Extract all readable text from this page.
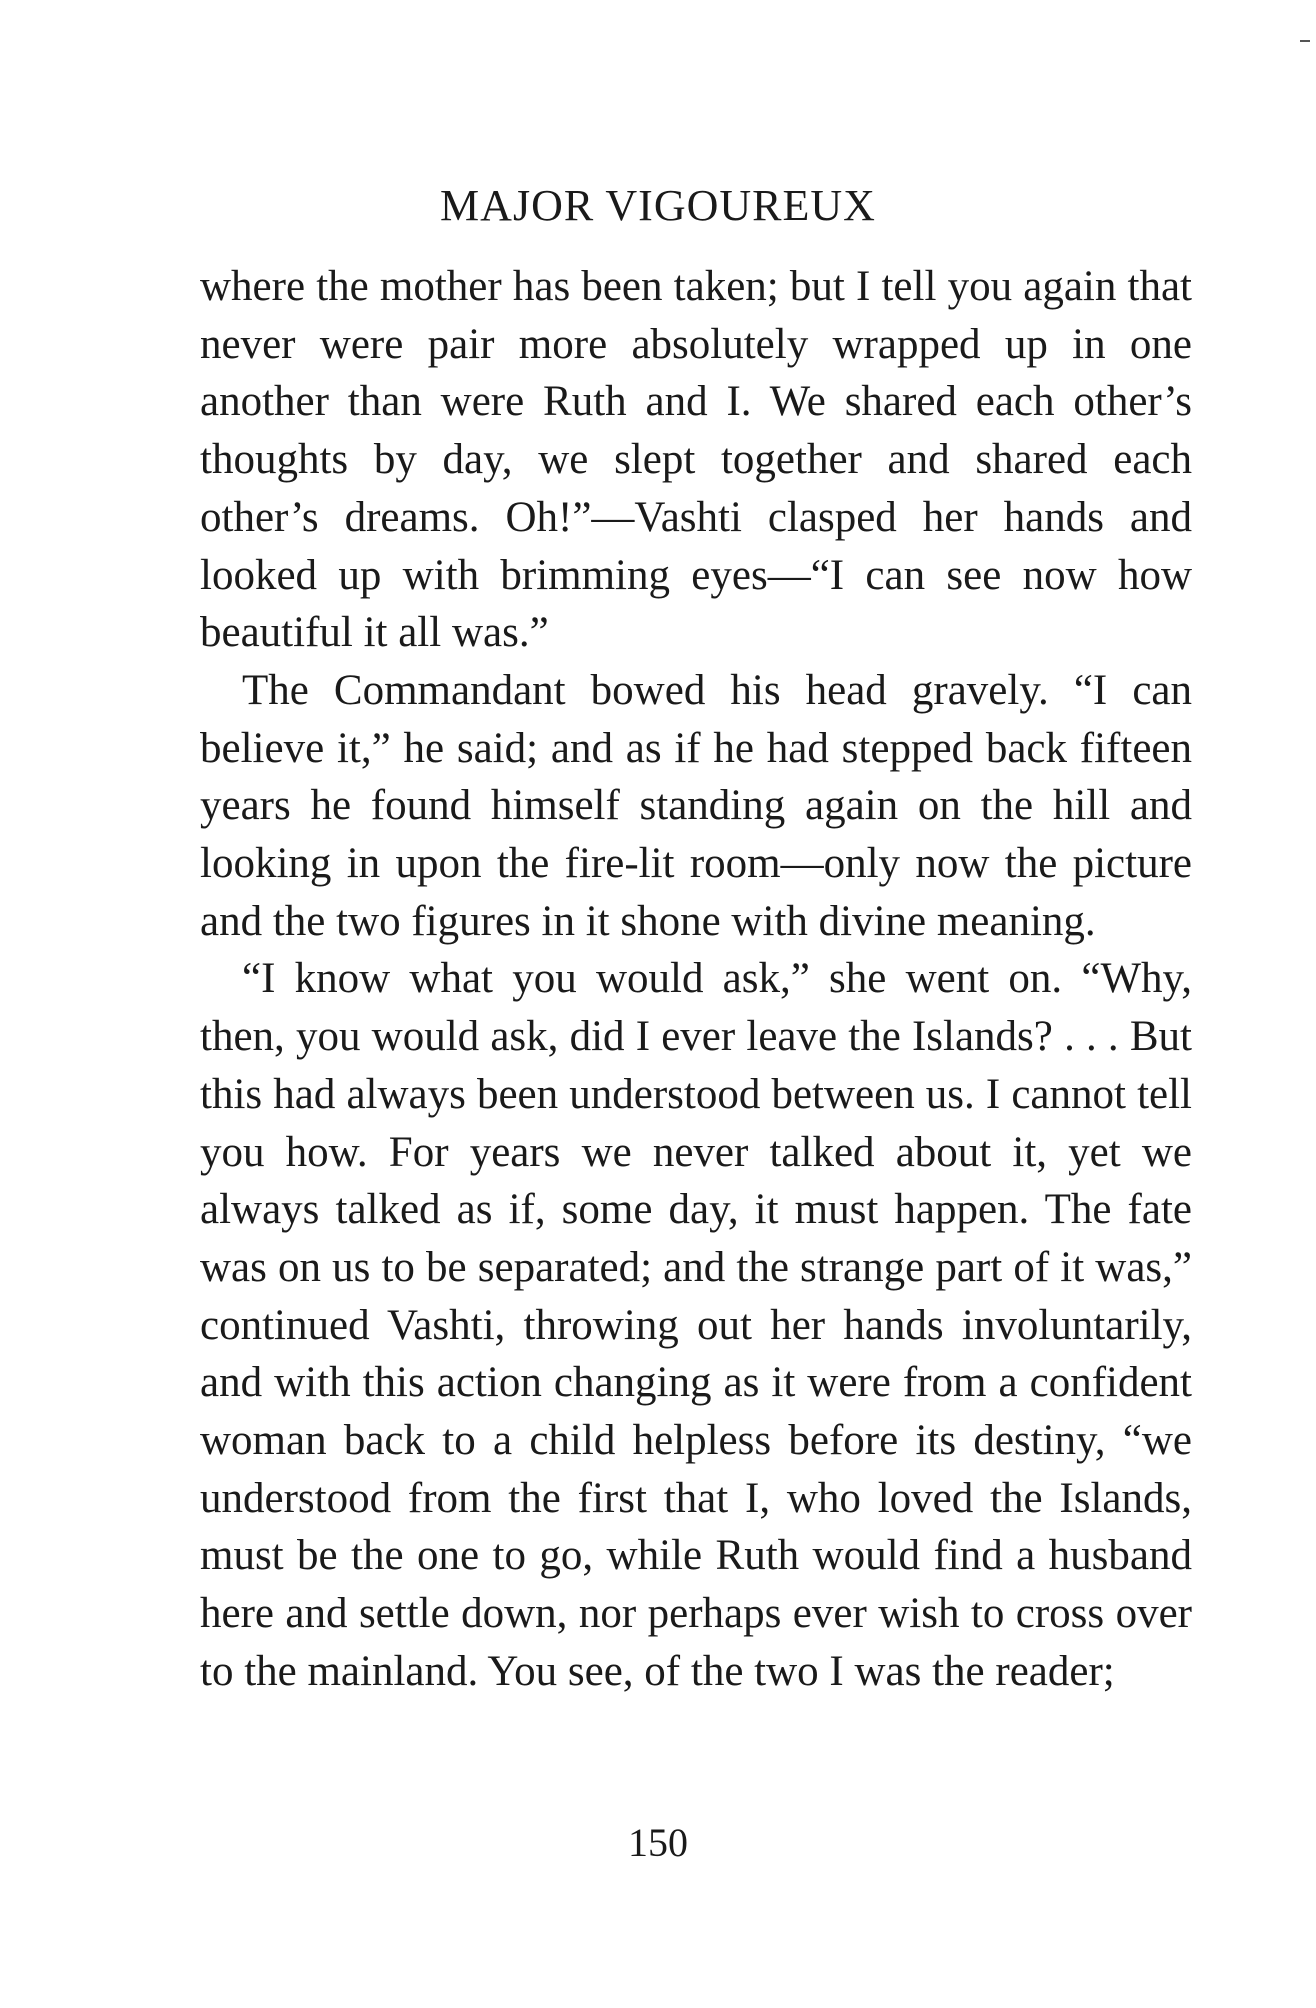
MAJOR VIGOUREUX

where the mother has been taken; but I tell you again that never were pair more absolutely wrapped up in one another than were Ruth and I. We shared each other’s thoughts by day, we slept together and shared each other’s dreams. Oh!”—Vashti clasped her hands and looked up with brimming eyes—“I can see now how beautiful it all was.”

The Commandant bowed his head gravely. “I can believe it,” he said; and as if he had stepped back fifteen years he found himself standing again on the hill and looking in upon the fire-lit room—only now the picture and the two figures in it shone with divine meaning.

“I know what you would ask,” she went on. “Why, then, you would ask, did I ever leave the Islands? . . . But this had always been understood between us. I cannot tell you how. For years we never talked about it, yet we always talked as if, some day, it must happen. The fate was on us to be separated; and the strange part of it was,” continued Vashti, throwing out her hands involuntarily, and with this action changing as it were from a confident woman back to a child helpless before its destiny, “we understood from the first that I, who loved the Islands, must be the one to go, while Ruth would find a husband here and settle down, nor perhaps ever wish to cross over to the mainland. You see, of the two I was the reader;

150
